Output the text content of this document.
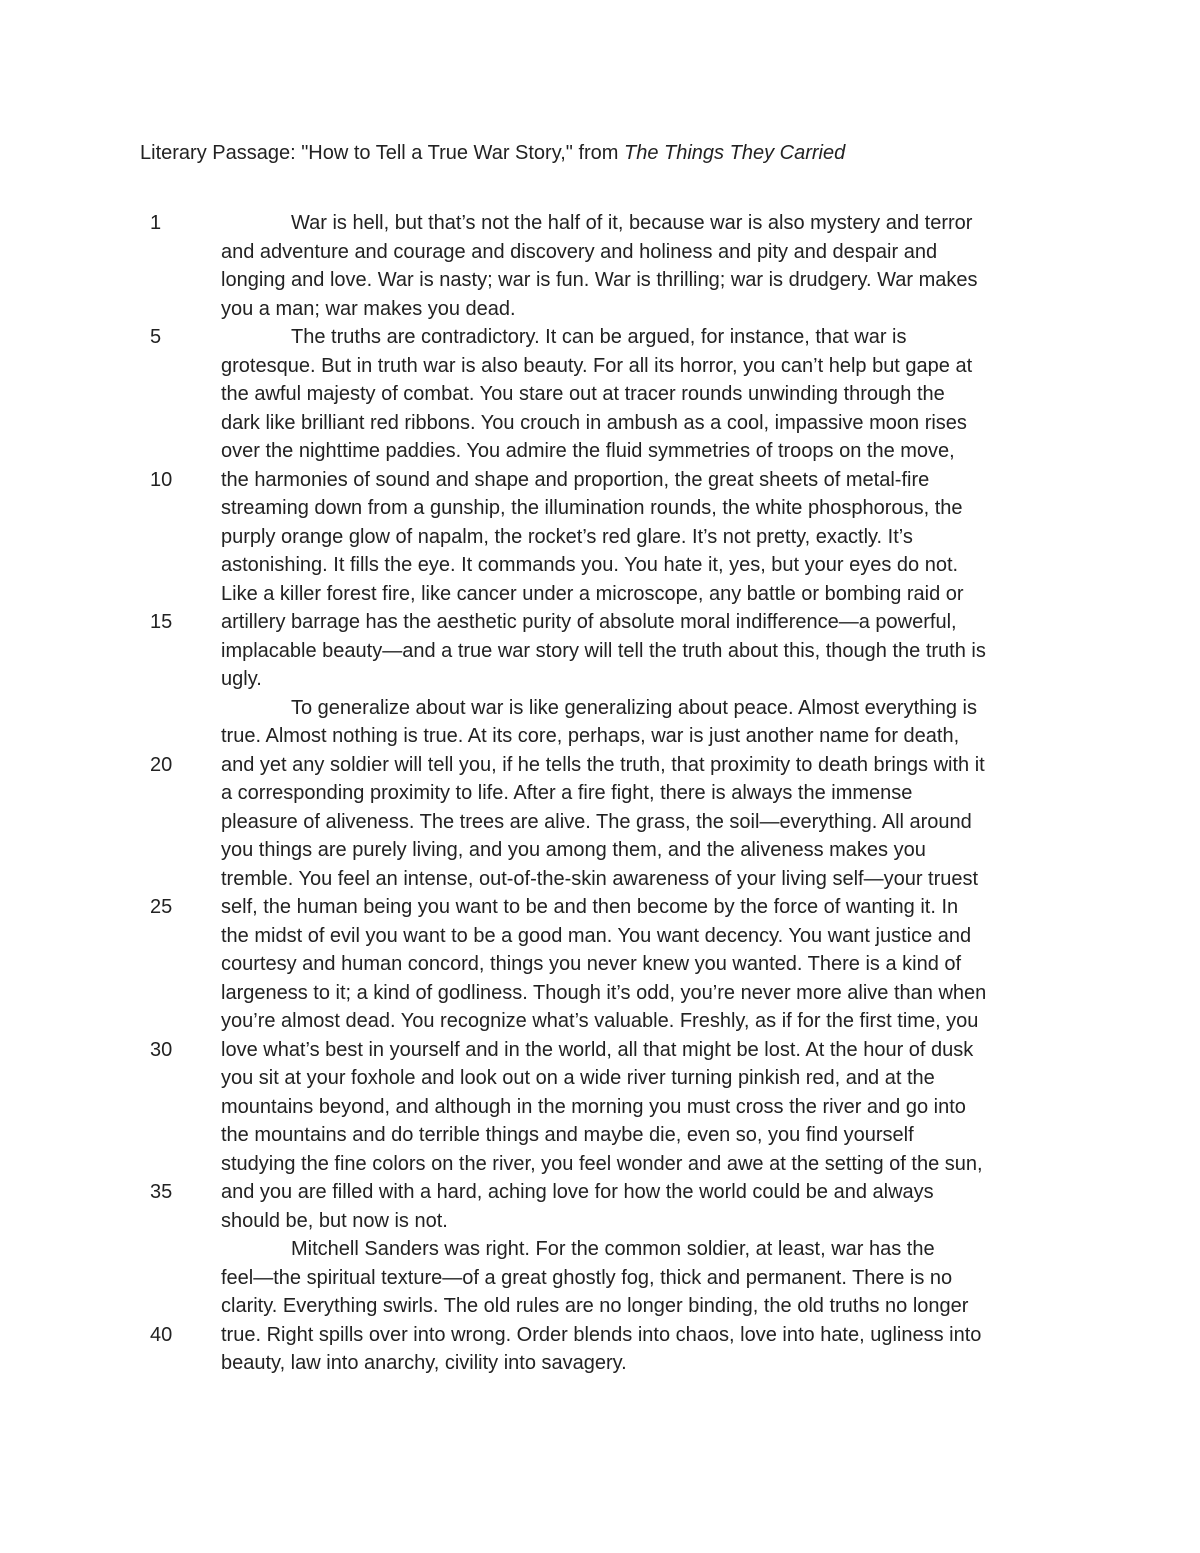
Literary Passage: "How to Tell a True War Story," from The Things They Carried
1	War is hell, but that’s not the half of it, because war is also mystery and terror
and adventure and courage and discovery and holiness and pity and despair and
longing and love. War is nasty; war is fun. War is thrilling; war is drudgery. War makes
you a man; war makes you dead.
5	The truths are contradictory. It can be argued, for instance, that war is
grotesque. But in truth war is also beauty. For all its horror, you can’t help but gape at
the awful majesty of combat. You stare out at tracer rounds unwinding through the
dark like brilliant red ribbons. You crouch in ambush as a cool, impassive moon rises
over the nighttime paddies. You admire the fluid symmetries of troops on the move,
10 the harmonies of sound and shape and proportion, the great sheets of metal-fire
streaming down from a gunship, the illumination rounds, the white phosphorous, the
purply orange glow of napalm, the rocket’s red glare. It’s not pretty, exactly. It’s
astonishing. It fills the eye. It commands you. You hate it, yes, but your eyes do not.
Like a killer forest fire, like cancer under a microscope, any battle or bombing raid or
15 artillery barrage has the aesthetic purity of absolute moral indifference—a powerful,
implacable beauty—and a true war story will tell the truth about this, though the truth is
ugly.
To generalize about war is like generalizing about peace. Almost everything is
true. Almost nothing is true. At its core, perhaps, war is just another name for death,
20 and yet any soldier will tell you, if he tells the truth, that proximity to death brings with it
a corresponding proximity to life. After a fire fight, there is always the immense
pleasure of aliveness. The trees are alive. The grass, the soil—everything. All around
you things are purely living, and you among them, and the aliveness makes you
tremble. You feel an intense, out-of-the-skin awareness of your living self—your truest
25 self, the human being you want to be and then become by the force of wanting it. In
the midst of evil you want to be a good man. You want decency. You want justice and
courtesy and human concord, things you never knew you wanted. There is a kind of
largeness to it; a kind of godliness. Though it’s odd, you’re never more alive than when
you’re almost dead. You recognize what’s valuable. Freshly, as if for the first time, you
30 love what’s best in yourself and in the world, all that might be lost. At the hour of dusk
you sit at your foxhole and look out on a wide river turning pinkish red, and at the
mountains beyond, and although in the morning you must cross the river and go into
the mountains and do terrible things and maybe die, even so, you find yourself
studying the fine colors on the river, you feel wonder and awe at the setting of the sun,
35 and you are filled with a hard, aching love for how the world could be and always
should be, but now is not.
Mitchell Sanders was right. For the common soldier, at least, war has the
feel—the spiritual texture—of a great ghostly fog, thick and permanent. There is no
clarity. Everything swirls. The old rules are no longer binding, the old truths no longer
40 true. Right spills over into wrong. Order blends into chaos, love into hate, ugliness into
beauty, law into anarchy, civility into savagery.
